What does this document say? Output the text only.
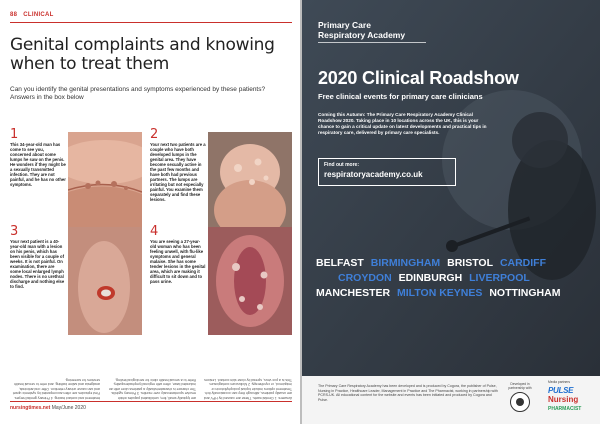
88 CLINICAL
Genital complaints and knowing when to treat them

Can you identify the genital presentations and symptoms experienced by these patients? Answers in the box below

1
This 34-year-old man has come to see you, concerned about some lumps he saw on the penis. He wonders if they might be a sexually transmitted infection. They are not painful, and he has no other symptoms.
2
Your next two patients are a couple who have both developed lumps in the genital area. They have become sexually active in the past few months and have both had previous partners. The lumps are irritating but not especially painful. You examine them separately and find these lesions.
3
Your next patient is a 40-year-old man with a lesion on his penis, which has been visible for a couple of weeks. It is not painful. On examination, there are some local enlarged lymph nodes. There is no urethral discharge and nothing else to find.
4
You are seeing a 27-year-old woman who has been feeling unwell, with flu-like symptoms and general malaise. She has some tender lesions in the genital area, which are making it difficult to sit down and to pass urine.
Answers: 1 Genital warts. These are caused by HPV and are usually painless, although they can occasionally itch. Treatment options include topical podophyllotoxin or imiquimod, or cryotherapy. 2 Molluscum contagiosum. This is a pox virus, spread by close skin contact. Lesions are typically small, firm, umbilicated papules which resolve spontaneously over months. 3 Primary syphilis. The chancre is characteristically a painless ulcer with an indurated base, often with regional lymphadenopathy. Refer to a sexual health clinic for serological testing, treatment and contact tracing. 4 Primary genital herpes. First episodes are often accompanied by systemic upset and can cause urinary retention. Offer oral antivirals, analgesia and saline bathing, and refer to sexual health services for screening.
nursingtimes.net May/June 2020
Primary Care
Respiratory Academy
2020 Clinical Roadshow
Free clinical events for primary care clinicians
Coming this Autumn: The Primary Care Respiratory Academy Clinical Roadshow 2020. Taking place in 10 locations across the UK, this is your chance to gain a critical update on latest developments and practical tips in respiratory care, delivered by primary care specialists.
Find out more:
respiratoryacademy.co.uk
BELFAST BIRMINGHAM BRISTOL CARDIFF
CROYDON EDINBURGH LIVERPOOL
MANCHESTER MILTON KEYNES NOTTINGHAM
The Primary Care Respiratory Academy has been developed and is produced by Cogora, the publisher of Pulse, Nursing in Practice, Healthcare Leader, Management in Practice and The Pharmacist, working in partnership with PCRS-UK. All educational content for the website and events has been initiated and produced by Cogora and Pulse.
Developed in partnership with
Media partners
PULSE
Nursing
PHARMACIST
